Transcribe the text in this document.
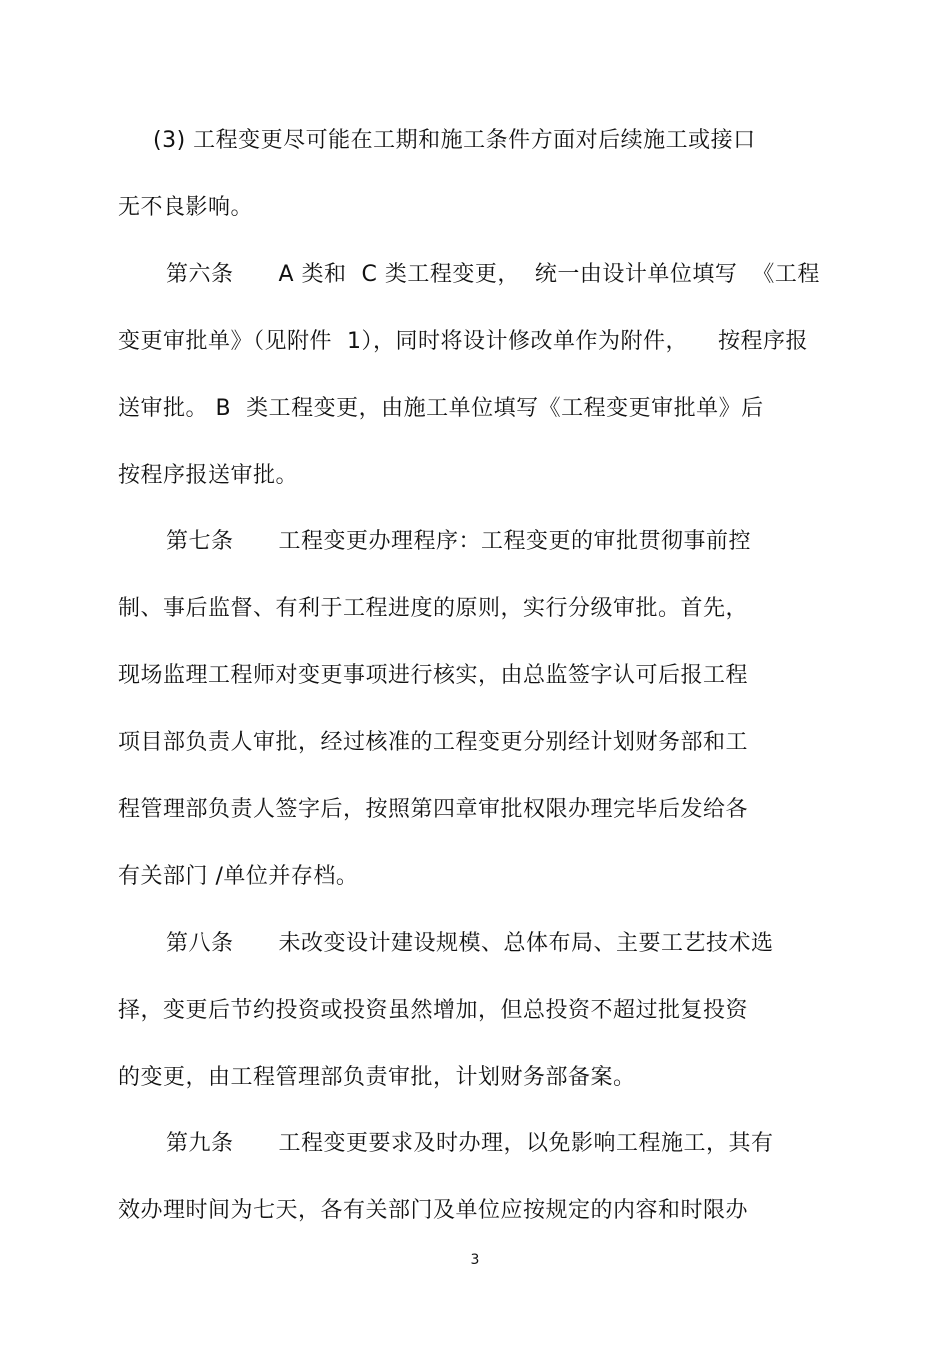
(3) 工程变更尽可能在工期和施工条件方面对后续施工或接口
无不良影响。
第六条　　A 类和  C 类工程变更，  统一由设计单位填写  《工程
变更审批单》（见附件  1），同时将设计修改单作为附件，    按程序报
送审批。 B  类工程变更，由施工单位填写《工程变更审批单》后
按程序报送审批。
第七条　　工程变更办理程序：工程变更的审批贯彻事前控
制、事后监督、有利于工程进度的原则，实行分级审批。首先，
现场监理工程师对变更事项进行核实，由总监签字认可后报工程
项目部负责人审批，经过核准的工程变更分别经计划财务部和工
程管理部负责人签字后，按照第四章审批权限办理完毕后发给各
有关部门 /单位并存档。
第八条　　未改变设计建设规模、总体布局、主要工艺技术选
择，变更后节约投资或投资虽然增加，但总投资不超过批复投资
的变更，由工程管理部负责审批，计划财务部备案。
第九条　　工程变更要求及时办理，以免影响工程施工，其有
效办理时间为七天，各有关部门及单位应按规定的内容和时限办
3
